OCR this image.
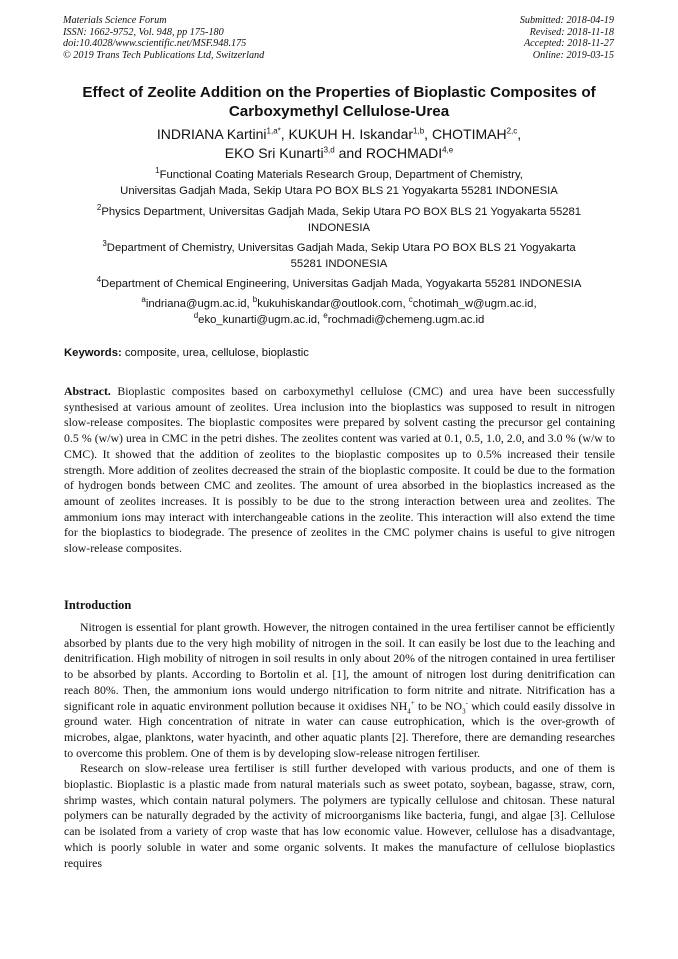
Materials Science Forum
ISSN: 1662-9752, Vol. 948, pp 175-180
doi:10.4028/www.scientific.net/MSF.948.175
© 2019 Trans Tech Publications Ltd, Switzerland
Submitted: 2018-04-19
Revised: 2018-11-18
Accepted: 2018-11-27
Online: 2019-03-15
Effect of Zeolite Addition on the Properties of Bioplastic Composites of
Carboxymethyl Cellulose-Urea
INDRIANA Kartini$^{1,a*}$, KUKUH H. Iskandar$^{1,b}$, CHOTIMAH$^{2,c}$,
EKO Sri Kunarti$^{3,d}$ and ROCHMADI$^{4,e}$
$^1$Functional Coating Materials Research Group, Department of Chemistry,
Universitas Gadjah Mada, Sekip Utara PO BOX BLS 21 Yogyakarta 55281 INDONESIA
$^2$Physics Department, Universitas Gadjah Mada, Sekip Utara PO BOX BLS 21 Yogyakarta 55281
INDONESIA
$^3$Department of Chemistry, Universitas Gadjah Mada, Sekip Utara PO BOX BLS 21 Yogyakarta
55281 INDONESIA
$^4$Department of Chemical Engineering, Universitas Gadjah Mada, Yogyakarta 55281 INDONESIA
$^a$indriana@ugm.ac.id, $^b$kukuhiskandar@outlook.com, $^c$chotimah_w@ugm.ac.id,
$^d$eko_kunarti@ugm.ac.id, $^e$rochmadi@chemeng.ugm.ac.id
Keywords: composite, urea, cellulose, bioplastic
Abstract. Bioplastic composites based on carboxymethyl cellulose (CMC) and urea have been successfully synthesised at various amount of zeolites. Urea inclusion into the bioplastics was supposed to result in nitrogen slow-release composites. The bioplastic composites were prepared by solvent casting the precursor gel containing 0.5 % (w/w) urea in CMC in the petri dishes. The zeolites content was varied at 0.1, 0.5, 1.0, 2.0, and 3.0 % (w/w to CMC). It showed that the addition of zeolites to the bioplastic composites up to 0.5% increased their tensile strength. More addition of zeolites decreased the strain of the bioplastic composite. It could be due to the formation of hydrogen bonds between CMC and zeolites. The amount of urea absorbed in the bioplastics increased as the amount of zeolites increases. It is possibly to be due to the strong interaction between urea and zeolites. The ammonium ions may interact with interchangeable cations in the zeolite. This interaction will also extend the time for the bioplastics to biodegrade. The presence of zeolites in the CMC polymer chains is useful to give nitrogen slow-release composites.
Introduction

Nitrogen is essential for plant growth. However, the nitrogen contained in the urea fertiliser cannot be efficiently absorbed by plants due to the very high mobility of nitrogen in the soil. It can easily be lost due to the leaching and denitrification. High mobility of nitrogen in soil results in only about 20% of the nitrogen contained in urea fertiliser to be absorbed by plants. According to Bortolin et al. [1], the amount of nitrogen lost during denitrification can reach 80%. Then, the ammonium ions would undergo nitrification to form nitrite and nitrate. Nitrification has a significant role in aquatic environment pollution because it oxidises $NH_4^+$ to be $NO_3^-$ which could easily dissolve in ground water. High concentration of nitrate in water can cause eutrophication, which is the over-growth of microbes, algae, planktons, water hyacinth, and other aquatic plants [2]. Therefore, there are demanding researches to overcome this problem. One of them is by developing slow-release nitrogen fertiliser.

Research on slow-release urea fertiliser is still further developed with various products, and one of them is bioplastic. Bioplastic is a plastic made from natural materials such as sweet potato, soybean, bagasse, straw, corn, shrimp wastes, which contain natural polymers. The polymers are typically cellulose and chitosan. These natural polymers can be naturally degraded by the activity of microorganisms like bacteria, fungi, and algae [3]. Cellulose can be isolated from a variety of crop waste that has low economic value. However, cellulose has a disadvantage, which is poorly soluble in water and some organic solvents. It makes the manufacture of cellulose bioplastics requires
